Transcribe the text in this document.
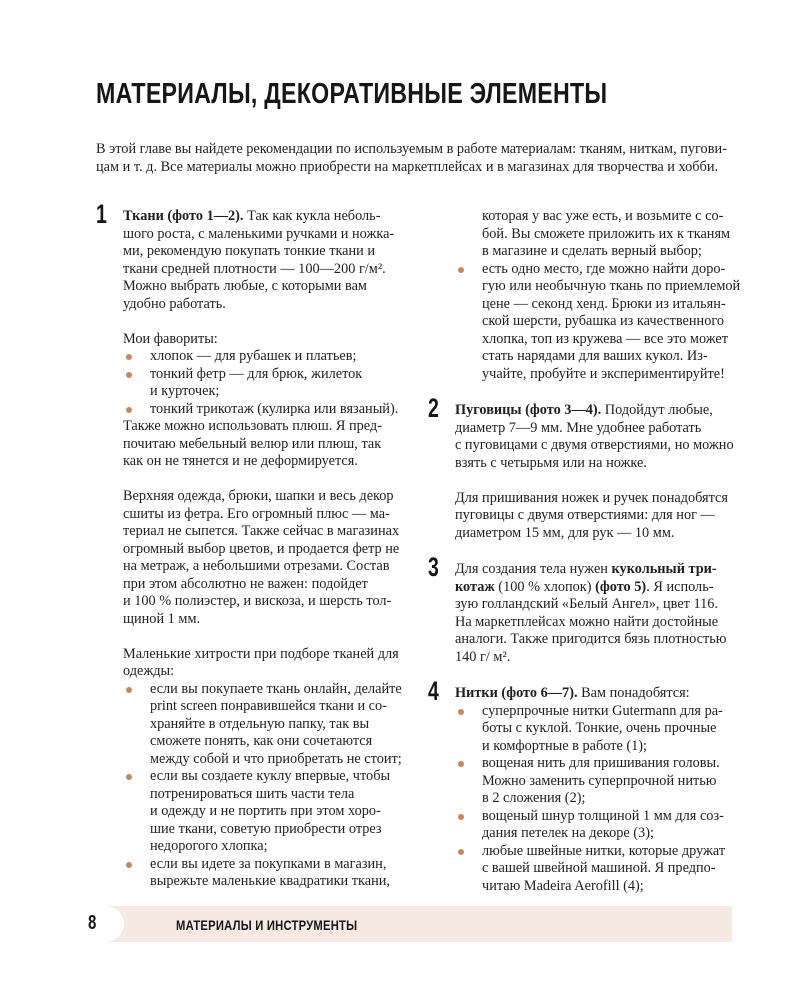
МАТЕРИАЛЫ, ДЕКОРАТИВНЫЕ ЭЛЕМЕНТЫ

В этой главе вы найдете рекомендации по используемым в работе материалам: тканям, ниткам, пугови-
цам и т. д. Все материалы можно приобрести на маркетплейсах и в магазинах для творчества и хобби.

1 Ткани (фото 1—2). Так как кукла неболь-
шого роста, с маленькими ручками и ножка-
ми, рекомендую покупать тонкие ткани и
ткани средней плотности — 100—200 г/м².
Можно выбрать любые, с которыми вам
удобно работать.
Мои фавориты:
хлопок — для рубашек и платьев;
тонкий фетр — для брюк, жилеток
и курточек;
тонкий трикотаж (кулирка или вязаный).
Также можно использовать плюш. Я пред-
почитаю мебельный велюр или плюш, так
как он не тянется и не деформируется.
Верхняя одежда, брюки, шапки и весь декор
сшиты из фетра. Его огромный плюс — ма-
териал не сыпется. Также сейчас в магазинах
огромный выбор цветов, и продается фетр не
на метраж, а небольшими отрезами. Состав
при этом абсолютно не важен: подойдет
и 100 % полиэстер, и вискоза, и шерсть тол-
щиной 1 мм.
Маленькие хитрости при подборе тканей для
одежды:
если вы покупаете ткань онлайн, делайте
print screen понравившейся ткани и со-
храняйте в отдельную папку, так вы
сможете понять, как они сочетаются
между собой и что приобретать не стоит;
если вы создаете куклу впервые, чтобы
потренироваться шить части тела
и одежду и не портить при этом хоро-
шие ткани, советую приобрести отрез
недорогого хлопка;
если вы идете за покупками в магазин,
вырежьте маленькие квадратики ткани,
которая у вас уже есть, и возьмите с со-
бой. Вы сможете приложить их к тканям
в магазине и сделать верный выбор;
есть одно место, где можно найти доро-
гую или необычную ткань по приемлемой
цене — секонд хенд. Брюки из итальян-
ской шерсти, рубашка из качественного
хлопка, топ из кружева — все это может
стать нарядами для ваших кукол. Из-
учайте, пробуйте и экспериментируйте!
2 Пуговицы (фото 3—4). Подойдут любые,
диаметр 7—9 мм. Мне удобнее работать
с пуговицами с двумя отверстиями, но можно
взять с четырьмя или на ножке.
Для пришивания ножек и ручек понадобятся
пуговицы с двумя отверстиями: для ног —
диаметром 15 мм, для рук — 10 мм.
3 Для создания тела нужен кукольный три-
котаж (100 % хлопок) (фото 5). Я исполь-
зую голландский «Белый Ангел», цвет 116.
На маркетплейсах можно найти достойные
аналоги. Также пригодится бязь плотностью
140 г/ м².
4 Нитки (фото 6—7). Вам понадобятся:
суперпрочные нитки Gutermann для ра-
боты с куклой. Тонкие, очень прочные
и комфортные в работе (1);
вощеная нить для пришивания головы.
Можно заменить суперпрочной нитью
в 2 сложения (2);
вощеный шнур толщиной 1 мм для соз-
дания петелек на декоре (3);
любые швейные нитки, которые дружат
с вашей швейной машиной. Я предпо-
читаю Madeira Aerofill (4);
8	МАТЕРИАЛЫ И ИНСТРУМЕНТЫ
